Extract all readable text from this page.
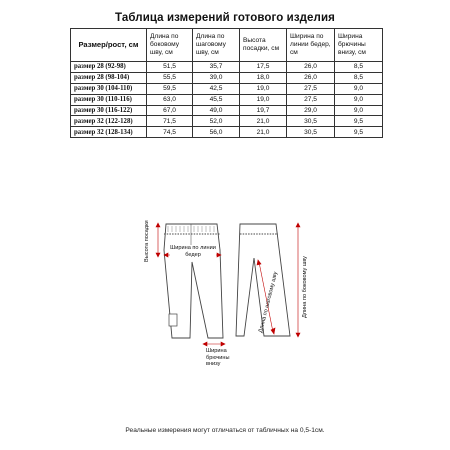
Таблица измерений готового изделия
Размер/рост, см	Длина по боковому шву, см	Длина по шаговому шву, см	Высота посадки, см	Ширина по линии бедер, см	Ширина брючины внизу, см
размер 28 (92-98)	51,5	35,7	17,5	26,0	8,5
размер 28 (98-104)	55,5	39,0	18,0	26,0	8,5
размер 30 (104-110)	59,5	42,5	19,0	27,5	9,0
размер 30 (110-116)	63,0	45,5	19,0	27,5	9,0
размер 30 (116-122)	67,0	49,0	19,7	29,0	9,0
размер 32 (122-128)	71,5	52,0	21,0	30,5	9,5
размер 32 (128-134)	74,5	56,0	21,0	30,5	9,5
Высота посадки	Ширина по линии бедер
Длина по шаговому шву	Длина по боковому шву
Ширина брючины внизу
Реальные измерения могут отличаться от табличных на 0,5-1см.
